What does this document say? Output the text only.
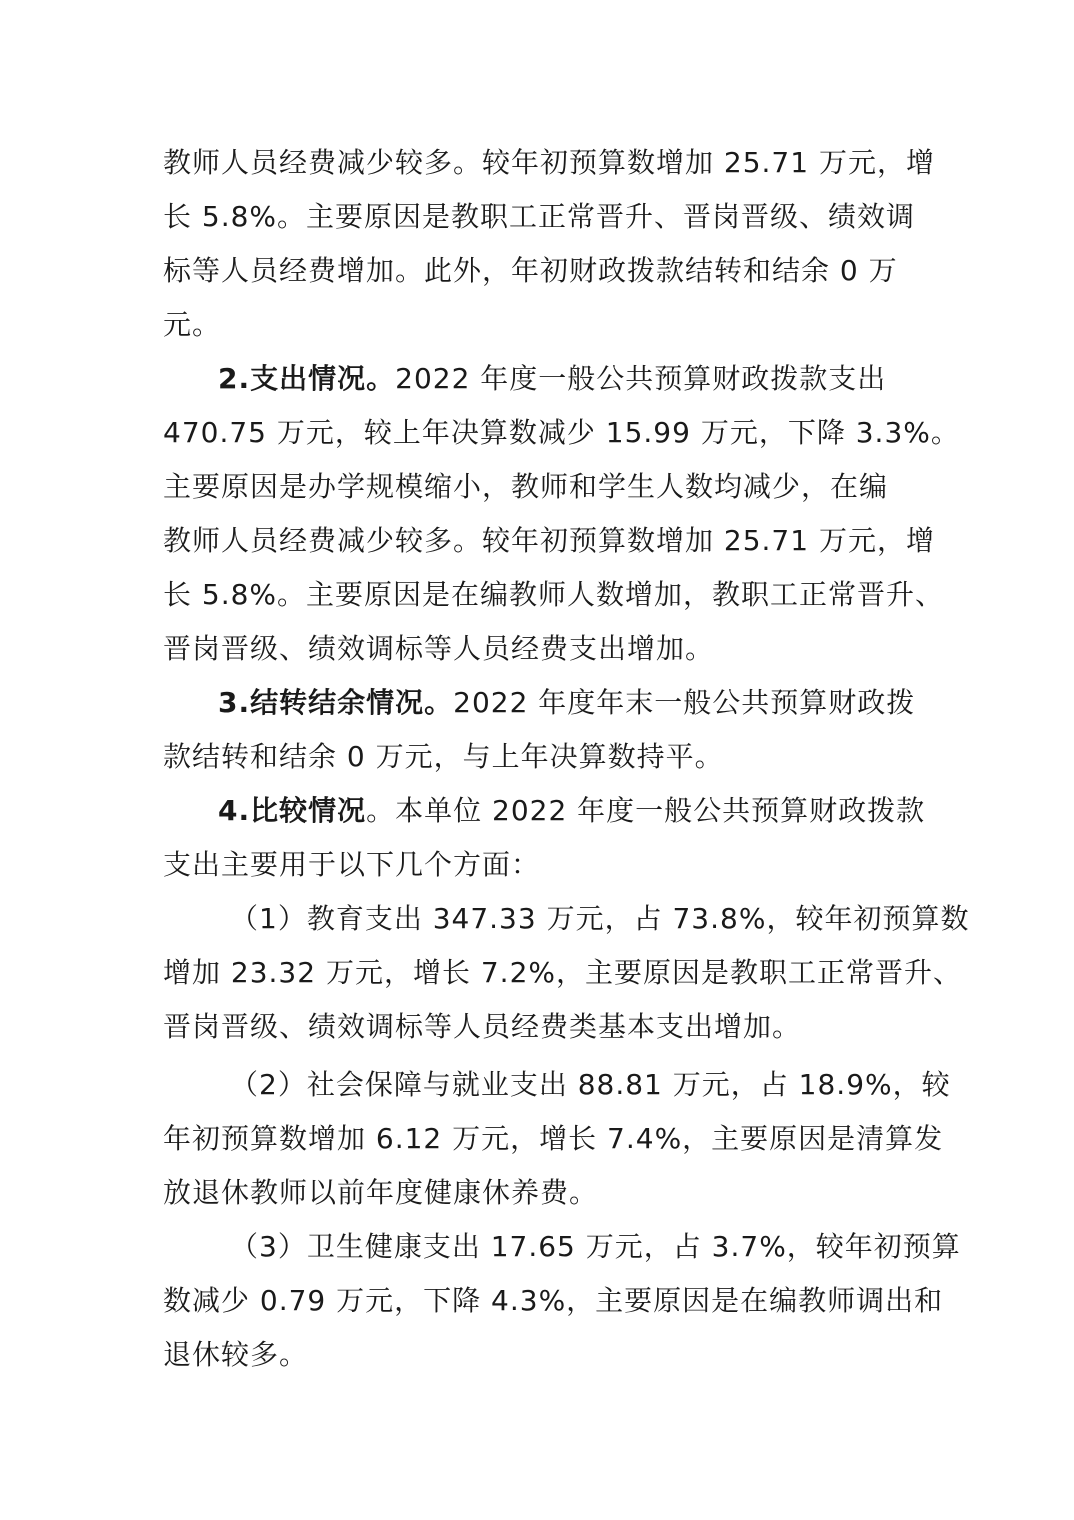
教师人员经费减少较多。较年初预算数增加 25.71 万元，增
长 5.8%。主要原因是教职工正常晋升、晋岗晋级、绩效调
标等人员经费增加。此外，年初财政拨款结转和结余 0 万
元。
2.支出情况。2022 年度一般公共预算财政拨款支出
470.75 万元，较上年决算数减少 15.99 万元，下降 3.3%。
主要原因是办学规模缩小，教师和学生人数均减少，在编
教师人员经费减少较多。较年初预算数增加 25.71 万元，增
长 5.8%。主要原因是在编教师人数增加，教职工正常晋升、
晋岗晋级、绩效调标等人员经费支出增加。
3.结转结余情况。2022 年度年末一般公共预算财政拨
款结转和结余 0 万元，与上年决算数持平。
4.比较情况。本单位 2022 年度一般公共预算财政拨款
支出主要用于以下几个方面：
（1）教育支出 347.33 万元，占 73.8%，较年初预算数
增加 23.32 万元，增长 7.2%，主要原因是教职工正常晋升、
晋岗晋级、绩效调标等人员经费类基本支出增加。
（2）社会保障与就业支出 88.81 万元，占 18.9%，较
年初预算数增加 6.12 万元，增长 7.4%，主要原因是清算发
放退休教师以前年度健康休养费。
（3）卫生健康支出 17.65 万元，占 3.7%，较年初预算
数减少 0.79 万元，下降 4.3%，主要原因是在编教师调出和
退休较多。
